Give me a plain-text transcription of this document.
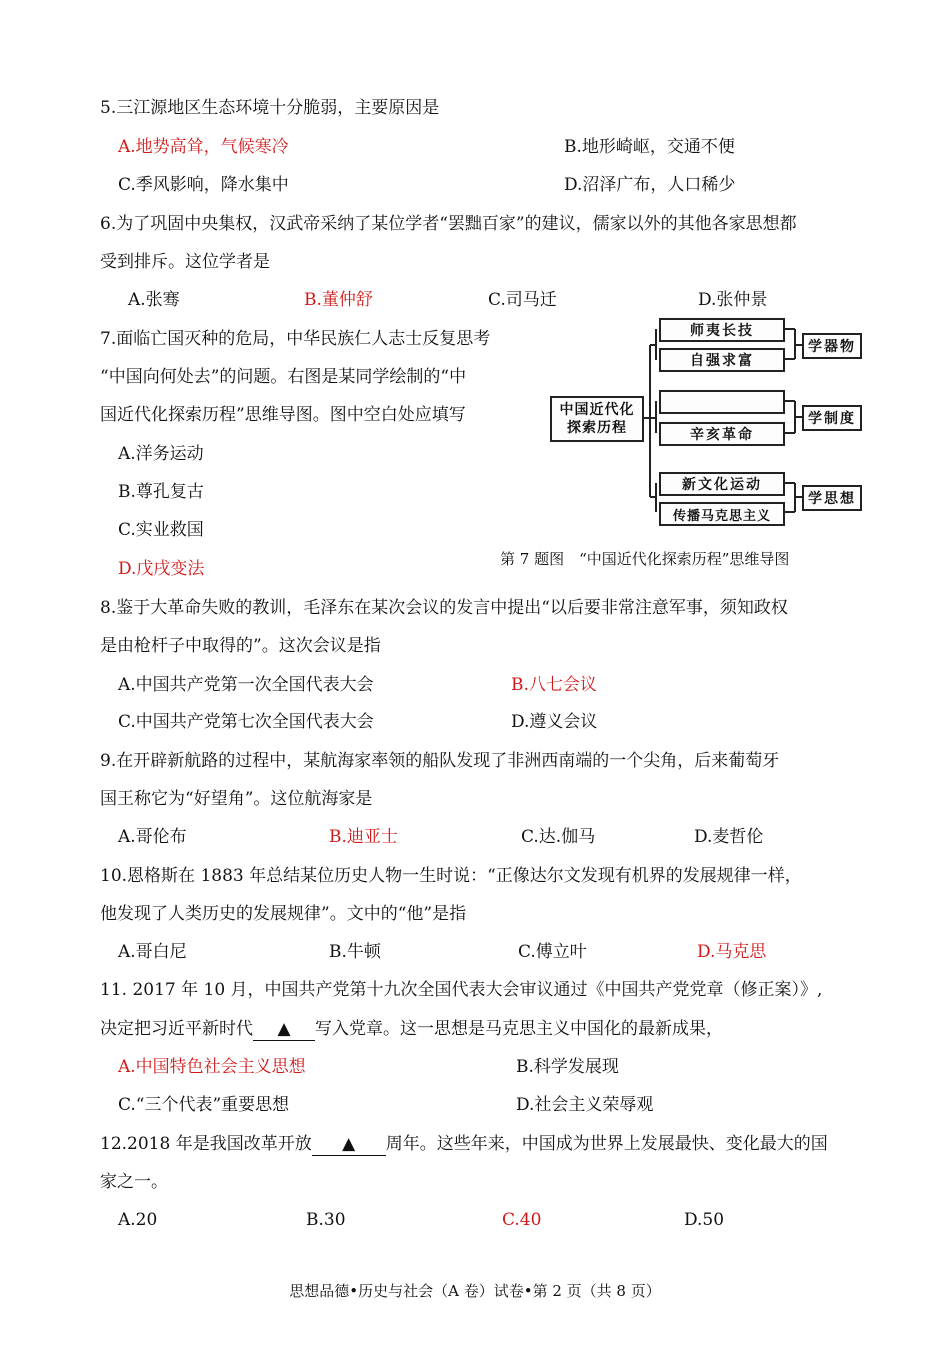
5.三江源地区生态环境十分脆弱，主要原因是
A.地势高耸，气候寒冷	B.地形崎岖，交通不便
C.季风影响，降水集中	D.沼泽广布，人口稀少
6.为了巩固中央集权，汉武帝采纳了某位学者“罢黜百家”的建议，儒家以外的其他各家思想都
受到排斥。这位学者是
A.张骞	B.董仲舒	C.司马迁	D.张仲景
7.面临亡国灭种的危局，中华民族仁人志士反复思考
“中国向何处去”的问题。右图是某同学绘制的“中
国近代化探索历程”思维导图。图中空白处应填写
A.洋务运动
B.尊孔复古
C.实业救国
D.戊戌变法
中国近代化探索历程
师夷长技
自强求富
辛亥革命
新文化运动
传播马克思主义
学器物
学制度
学思想
第 7 题图　“中国近代化探索历程”思维导图
8.鉴于大革命失败的教训，毛泽东在某次会议的发言中提出“以后要非常注意军事，须知政权
是由枪杆子中取得的”。这次会议是指
A.中国共产党第一次全国代表大会	B.八七会议
C.中国共产党第七次全国代表大会	D.遵义会议
9.在开辟新航路的过程中，某航海家率领的船队发现了非洲西南端的一个尖角，后来葡萄牙
国王称它为“好望角”。这位航海家是
A.哥伦布	B.迪亚士	C.达.伽马	D.麦哲伦
10.恩格斯在 1883 年总结某位历史人物一生时说：“正像达尔文发现有机界的发展规律一样，
他发现了人类历史的发展规律”。文中的“他”是指
A.哥白尼	B.牛顿	C.傅立叶	D.马克思
11. 2017 年 10 月，中国共产党第十九次全国代表大会审议通过《中国共产党党章（修正案）》,
决定把习近平新时代 ▲ 写入党章。这一思想是马克思主义中国化的最新成果，
A.中国特色社会主义思想	B.科学发展现
C.“三个代表”重要思想	D.社会主义荣辱观
12.2018 年是我国改革开放 ▲ 周年。这些年来，中国成为世界上发展最快、变化最大的国
家之一。
A.20	B.30	C.40	D.50
思想品德•历史与社会（A 卷）试卷•第 2 页（共 8 页）
